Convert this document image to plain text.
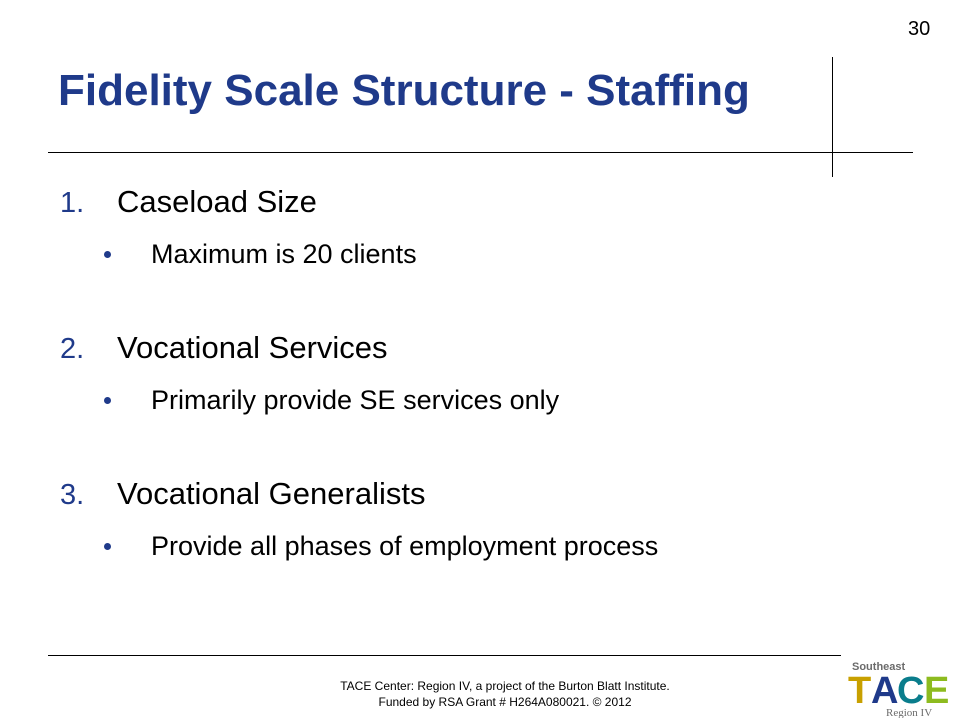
30
Fidelity Scale Structure - Staffing
1.	Caseload Size
Maximum is 20 clients
2.	Vocational Services
Primarily provide SE services only
3.	Vocational Generalists
Provide all phases of employment process
TACE Center: Region IV, a project of the Burton Blatt Institute.
Funded by RSA Grant # H264A080021. © 2012
Southeast
T A
C E
Region IV
